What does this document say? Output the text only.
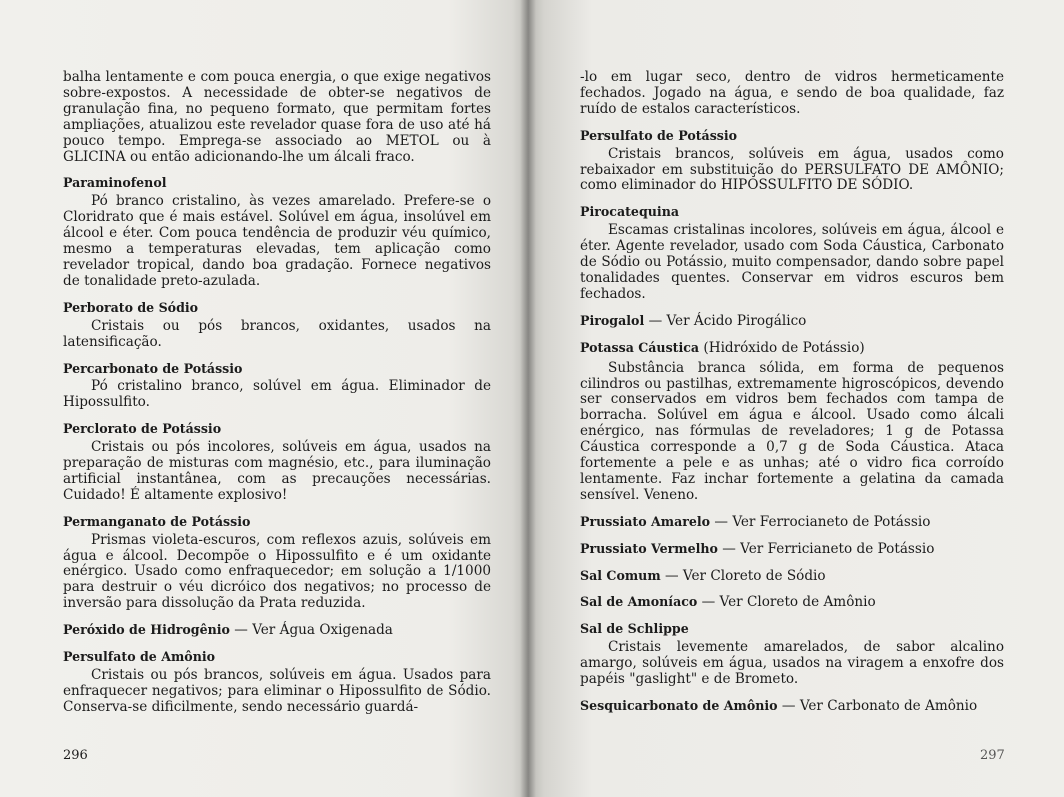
balha lentamente e com pouca energia, o que exige negativos sobre-expostos. A necessidade de obter-se negativos de granulação fina, no pequeno formato, que permitam fortes ampliações, atualizou este revelador quase fora de uso até há pouco tempo. Emprega-se associado ao METOL ou à GLICINA ou então adicionando-lhe um álcali fraco.

Paraminofenol

Pó branco cristalino, às vezes amarelado. Prefere-se o Cloridrato que é mais estável. Solúvel em água, insolúvel em álcool e éter. Com pouca tendência de produzir véu químico, mesmo a temperaturas elevadas, tem aplicação como revelador tropical, dando boa gradação. Fornece negativos de tonalidade preto-azulada.

Perborato de Sódio

Cristais ou pós brancos, oxidantes, usados na latensificação.

Percarbonato de Potássio

Pó cristalino branco, solúvel em água. Eliminador de Hipossulfito.

Perclorato de Potássio

Cristais ou pós incolores, solúveis em água, usados na preparação de misturas com magnésio, etc., para iluminação artificial instantânea, com as precauções necessárias. Cuidado! É altamente explosivo!

Permanganato de Potássio

Prismas violeta-escuros, com reflexos azuis, solúveis em água e álcool. Decompõe o Hipossulfito e é um oxidante enérgico. Usado como enfraquecedor; em solução a 1/1000 para destruir o véu dicróico dos negativos; no processo de inversão para dissolução da Prata reduzida.

Peróxido de Hidrogênio — Ver Água Oxigenada

Persulfato de Amônio

Cristais ou pós brancos, solúveis em água. Usados para enfraquecer negativos; para eliminar o Hipossulfito de Sódio. Conserva-se dificilmente, sendo necessário guardá-

296

-lo em lugar seco, dentro de vidros hermeticamente fechados. Jogado na água, e sendo de boa qualidade, faz ruído de estalos característicos.

Persulfato de Potássio

Cristais brancos, solúveis em água, usados como rebaixador em substituição do PERSULFATO DE AMÔNIO; como eliminador do HIPOSSULFITO DE SÓDIO.

Pirocatequina

Escamas cristalinas incolores, solúveis em água, álcool e éter. Agente revelador, usado com Soda Cáustica, Carbonato de Sódio ou Potássio, muito compensador, dando sobre papel tonalidades quentes. Conservar em vidros escuros bem fechados.

Pirogalol — Ver Ácido Pirogálico

Potassa Cáustica (Hidróxido de Potássio)

Substância branca sólida, em forma de pequenos cilindros ou pastilhas, extremamente higroscópicos, devendo ser conservados em vidros bem fechados com tampa de borracha. Solúvel em água e álcool. Usado como álcali enérgico, nas fórmulas de reveladores; 1 g de Potassa Cáustica corresponde a 0,7 g de Soda Cáustica. Ataca fortemente a pele e as unhas; até o vidro fica corroído lentamente. Faz inchar fortemente a gelatina da camada sensível. Veneno.

Prussiato Amarelo — Ver Ferrocianeto de Potássio

Prussiato Vermelho — Ver Ferricianeto de Potássio

Sal Comum — Ver Cloreto de Sódio

Sal de Amoníaco — Ver Cloreto de Amônio

Sal de Schlippe

Cristais levemente amarelados, de sabor alcalino amargo, solúveis em água, usados na viragem a enxofre dos papéis "gaslight" e de Brometo.

Sesquicarbonato de Amônio — Ver Carbonato de Amônio

297
